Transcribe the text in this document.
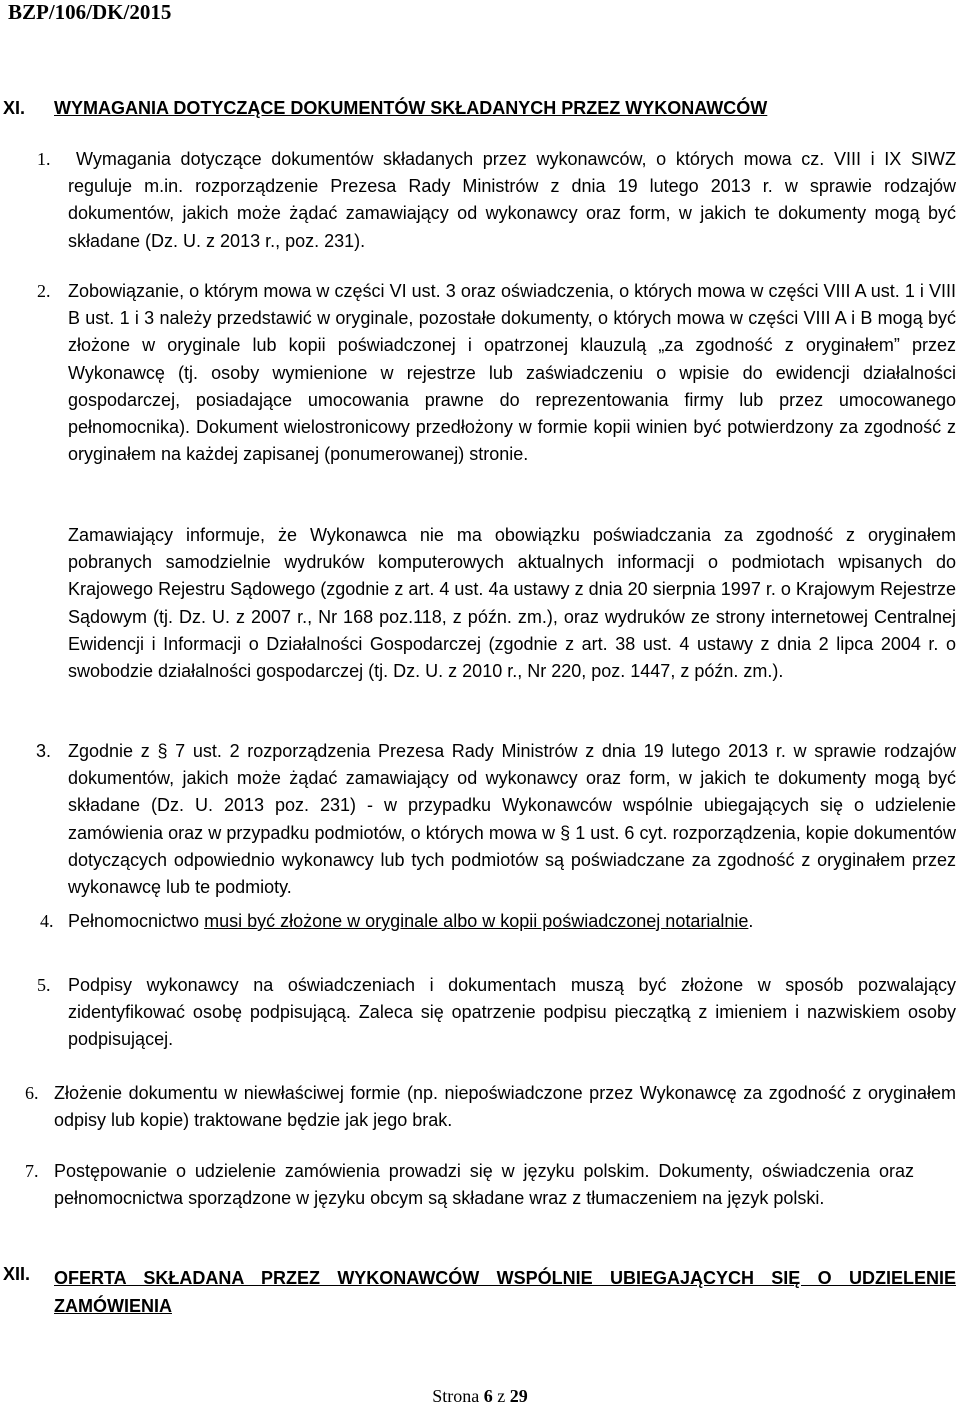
BZP/106/DK/2015
XI. WYMAGANIA DOTYCZĄCE DOKUMENTÓW SKŁADANYCH PRZEZ WYKONAWCÓW
1.	Wymagania dotyczące dokumentów składanych przez wykonawców, o których mowa cz. VIII i IX SIWZ reguluje m.in. rozporządzenie Prezesa Rady Ministrów z dnia 19 lutego 2013 r. w sprawie rodzajów dokumentów, jakich może żądać zamawiający od wykonawcy oraz form, w jakich te dokumenty mogą być składane (Dz. U. z 2013 r., poz. 231).

2. Zobowiązanie, o którym mowa w części VI ust. 3 oraz oświadczenia, o których mowa w części VIII A ust. 1 i VIII B ust. 1 i 3 należy przedstawić w oryginale, pozostałe dokumenty, o których mowa w części VIII A i B mogą być złożone w oryginale lub kopii poświadczonej i opatrzonej klauzulą „za zgodność z oryginałem” przez Wykonawcę (tj. osoby wymienione w rejestrze lub zaświadczeniu o wpisie do ewidencji działalności gospodarczej, posiadające umocowania prawne do reprezentowania firmy lub przez umocowanego pełnomocnika). Dokument wielostronicowy przedłożony w formie kopii winien być potwierdzony za zgodność z oryginałem na każdej zapisanej (ponumerowanej) stronie.

Zamawiający informuje, że Wykonawca nie ma obowiązku poświadczania za zgodność z oryginałem pobranych samodzielnie wydruków komputerowych aktualnych informacji o podmiotach wpisanych do Krajowego Rejestru Sądowego (zgodnie z art. 4 ust. 4a ustawy z dnia 20 sierpnia 1997 r. o Krajowym Rejestrze Sądowym (tj. Dz. U. z 2007 r., Nr 168 poz.118, z późn. zm.), oraz wydruków ze strony internetowej Centralnej Ewidencji i Informacji o Działalności Gospodarczej (zgodnie z art. 38 ust. 4 ustawy z dnia 2 lipca 2004 r. o swobodzie działalności gospodarczej (tj. Dz. U. z 2010 r., Nr 220, poz. 1447, z późn. zm.).

3. Zgodnie z § 7 ust. 2 rozporządzenia Prezesa Rady Ministrów z dnia 19 lutego 2013 r. w sprawie rodzajów dokumentów, jakich może żądać zamawiający od wykonawcy oraz form, w jakich te dokumenty mogą być składane (Dz. U. 2013 poz. 231) - w przypadku Wykonawców wspólnie ubiegających się o udzielenie zamówienia oraz w przypadku podmiotów, o których mowa w § 1 ust. 6 cyt. rozporządzenia, kopie dokumentów dotyczących odpowiednio wykonawcy lub tych podmiotów są poświadczane za zgodność z oryginałem przez wykonawcę lub te podmioty.

4. Pełnomocnictwo musi być złożone w oryginale albo w kopii poświadczonej notarialnie.

5. Podpisy wykonawcy na oświadczeniach i dokumentach muszą być złożone w sposób pozwalający zidentyfikować osobę podpisującą. Zaleca się opatrzenie podpisu pieczątką z imieniem i nazwiskiem osoby podpisującej.

6. Złożenie dokumentu w niewłaściwej formie (np. niepoświadczone przez Wykonawcę za zgodność z oryginałem odpisy lub kopie) traktowane będzie jak jego brak.

7. Postępowanie o udzielenie zamówienia prowadzi się w języku polskim. Dokumenty, oświadczenia oraz pełnomocnictwa sporządzone w języku obcym są składane wraz z tłumaczeniem na język polski.

XII. OFERTA SKŁADANA PRZEZ WYKONAWCÓW WSPÓLNIE UBIEGAJĄCYCH SIĘ O UDZIELENIE ZAMÓWIENIA

Strona 6 z 29
